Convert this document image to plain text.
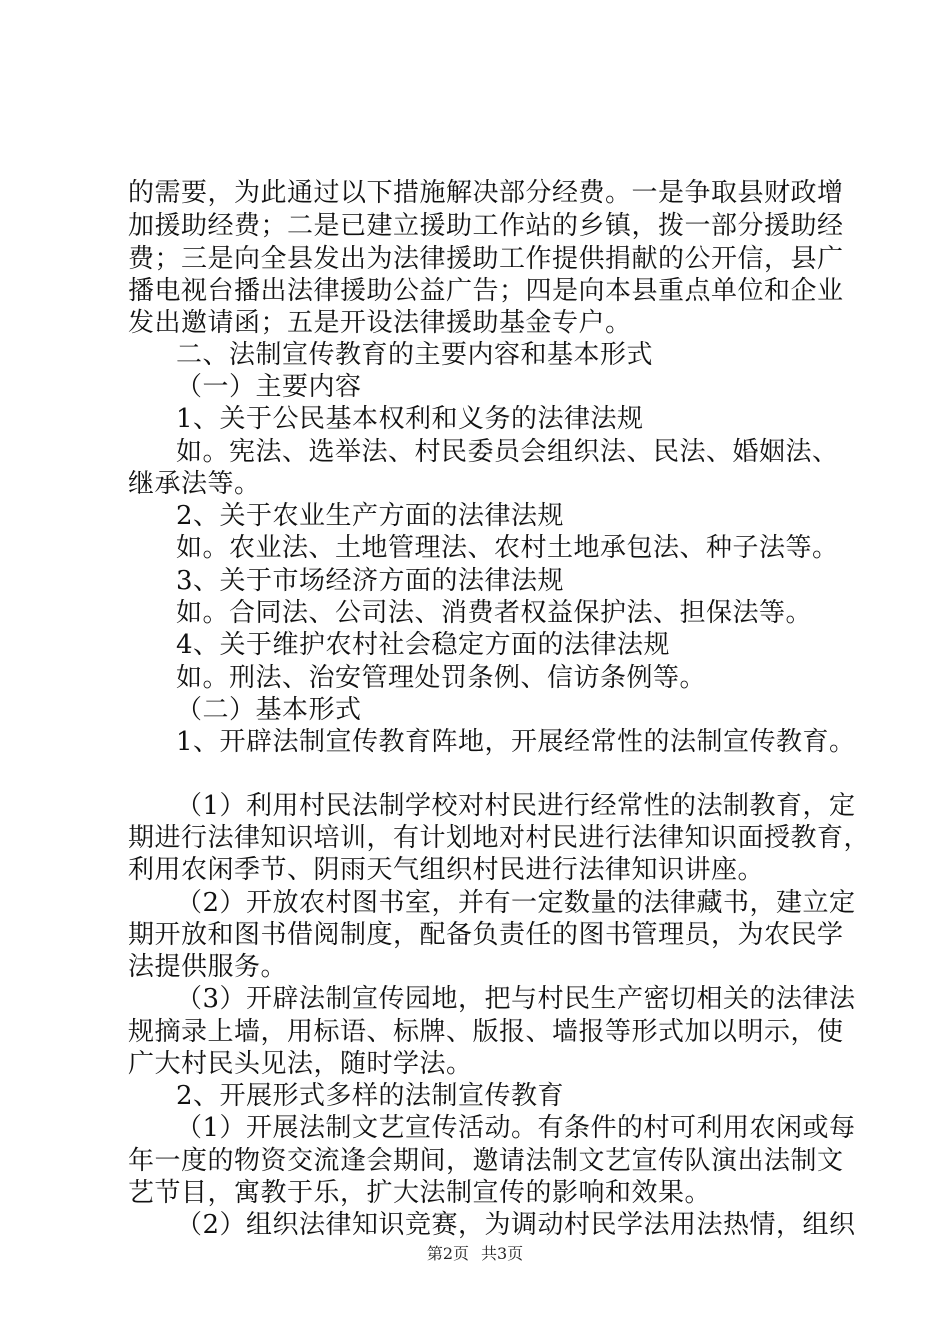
的需要，为此通过以下措施解决部分经费。一是争取县财政增
加援助经费；二是已建立援助工作站的乡镇，拨一部分援助经
费；三是向全县发出为法律援助工作提供捐献的公开信，县广
播电视台播出法律援助公益广告；四是向本县重点单位和企业
发出邀请函；五是开设法律援助基金专户。
二、法制宣传教育的主要内容和基本形式
（一）主要内容
1、关于公民基本权利和义务的法律法规
如。宪法、选举法、村民委员会组织法、民法、婚姻法、
继承法等。
2、关于农业生产方面的法律法规
如。农业法、土地管理法、农村土地承包法、种子法等。
3、关于市场经济方面的法律法规
如。合同法、公司法、消费者权益保护法、担保法等。
4、关于维护农村社会稳定方面的法律法规
如。刑法、治安管理处罚条例、信访条例等。
（二）基本形式
1、开辟法制宣传教育阵地，开展经常性的法制宣传教育。
（1）利用村民法制学校对村民进行经常性的法制教育，定
期进行法律知识培训，有计划地对村民进行法律知识面授教育，
利用农闲季节、阴雨天气组织村民进行法律知识讲座。
（2）开放农村图书室，并有一定数量的法律藏书，建立定
期开放和图书借阅制度，配备负责任的图书管理员，为农民学
法提供服务。
（3）开辟法制宣传园地，把与村民生产密切相关的法律法
规摘录上墙，用标语、标牌、版报、墙报等形式加以明示，使
广大村民头见法，随时学法。
2、开展形式多样的法制宣传教育
（1）开展法制文艺宣传活动。有条件的村可利用农闲或每
年一度的物资交流逢会期间，邀请法制文艺宣传队演出法制文
艺节目，寓教于乐，扩大法制宣传的影响和效果。
（2）组织法律知识竞赛，为调动村民学法用法热情，组织
第2页 共3页
